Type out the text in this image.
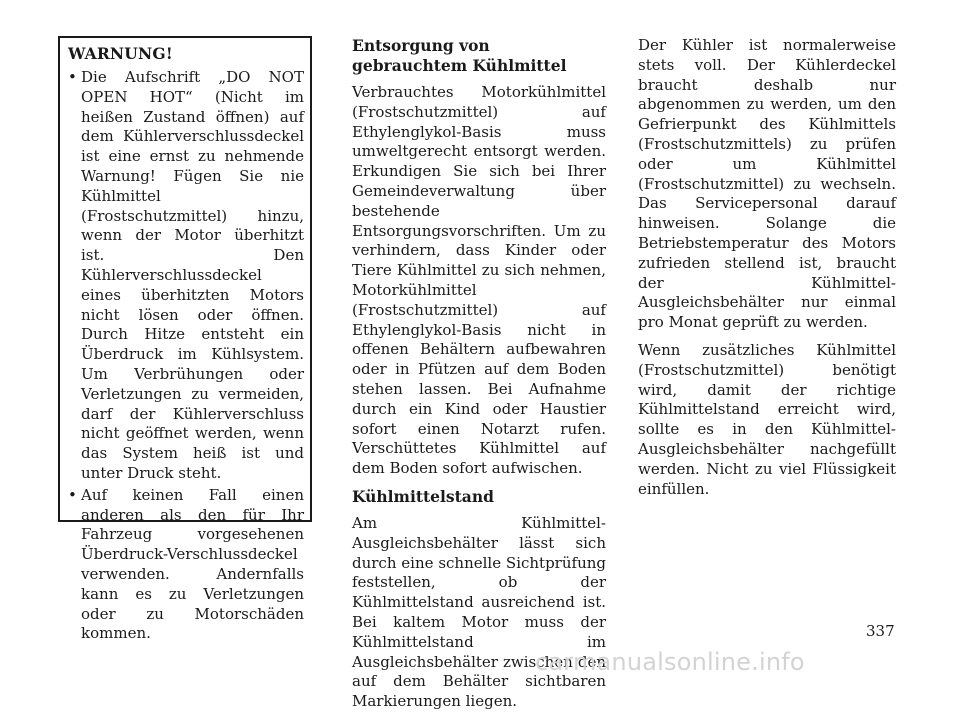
WARNUNG!
• Die Aufschrift „DO NOT OPEN HOT“ (Nicht im heißen Zustand öffnen) auf dem Kühlerverschlussdeckel ist eine ernst zu nehmende Warnung! Fügen Sie nie Kühlmittel (Frostschutzmittel) hinzu, wenn der Motor überhitzt ist. Den Kühlerverschlussdeckel eines überhitzten Motors nicht lösen oder öffnen. Durch Hitze entsteht ein Überdruck im Kühlsystem. Um Verbrühungen oder Verletzungen zu vermeiden, darf der Kühlerverschluss nicht geöffnet werden, wenn das System heiß ist und unter Druck steht.
• Auf keinen Fall einen anderen als den für Ihr Fahrzeug vorgesehenen Überdruck-Verschlussdeckel verwenden. Andernfalls kann es zu Verletzungen oder zu Motorschäden kommen.
Entsorgung von gebrauchtem Kühlmittel

Verbrauchtes Motorkühlmittel (Frostschutzmittel) auf Ethylenglykol-Basis muss umweltgerecht entsorgt werden. Erkundigen Sie sich bei Ihrer Gemeindeverwaltung über bestehende Entsorgungsvorschriften. Um zu verhindern, dass Kinder oder Tiere Kühlmittel zu sich nehmen, Motorkühlmittel (Frostschutzmittel) auf Ethylenglykol-Basis nicht in offenen Behältern aufbewahren oder in Pfützen auf dem Boden stehen lassen. Bei Aufnahme durch ein Kind oder Haustier sofort einen Notarzt rufen. Verschüttetes Kühlmittel auf dem Boden sofort aufwischen.

Kühlmittelstand

Am Kühlmittel-Ausgleichsbehälter lässt sich durch eine schnelle Sichtprüfung feststellen, ob der Kühlmittelstand ausreichend ist. Bei kaltem Motor muss der Kühlmittelstand im Ausgleichsbehälter zwischen den auf dem Behälter sichtbaren Markierungen liegen.

Der Kühler ist normalerweise stets voll. Der Kühlerdeckel braucht deshalb nur abgenommen zu werden, um den Gefrierpunkt des Kühlmittels (Frostschutzmittels) zu prüfen oder um Kühlmittel (Frostschutzmittel) zu wechseln. Das Servicepersonal darauf hinweisen. Solange die Betriebstemperatur des Motors zufrieden stellend ist, braucht der Kühlmittel-Ausgleichsbehälter nur einmal pro Monat geprüft zu werden.

Wenn zusätzliches Kühlmittel (Frostschutzmittel) benötigt wird, damit der richtige Kühlmittelstand erreicht wird, sollte es in den Kühlmittel-Ausgleichsbehälter nachgefüllt werden. Nicht zu viel Flüssigkeit einfüllen.

337
carmanualsonline.info
